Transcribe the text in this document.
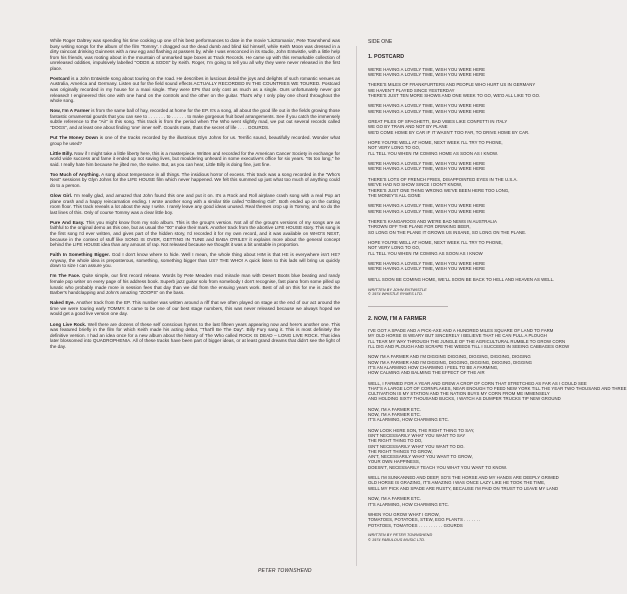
While Roger Daltrey was spending his time cooking up one of his best performances to date in the movie 'Lisztomania', Pete Townshend was busy writing songs for the album of the film 'Tommy'. I dragged out the dead dumb and blind kid himself, while Keith Moon was dressed in a dirty raincoat drinking Guinness with a raw egg and flashing at passers by, while I was ensconced in its studio, John Entwistle, with a little help from his friends, was rooting about in the mountain of unmarked tape boxes at Track Records. He came up with this remarkable collection of unreleased oddities, impulsively labelled "ODDS & SODS" by Keith. Roger, I'm going to tell you all why they were never released in the first place.

Postcard is a John Entwistle song about touring on the road. He describes in luscious detail the joys and delights of such romantic venues as Australia, America and Germany. Listen out for the field sound effects ACTUALLY RECORDED IN THE COUNTRIES WE TOURED. Postcard was originally recorded in my house for a maxi single. They were EPs that only cost as much as a single. Ours unfortunately never got released! I engineered this one with one hand on the controls and the other on the guitar. That's why I only play one chord throughout the whole song.

Now, I'm A Farmer is from the same ball of hay, recorded at home for the EP. It's a song, all about the good life out in the fields growing those fantastic ornamental gourds that you can see to . . . . . . . to . . . . . . to make gorgeous fruit bowl arrangements. See if you catch the immensely subtle reference to the "Air" in this song. This track is from the period when The Who went slightly mad, we put out several records called "DOGS", and at least one about finding 'one' inner self'. Gourds mate, thats the secret of life . . . . GOURDS.

Put The Money Down is one of the tracks recorded by the illustrious Glyn Johns for us. Terrific sound, beautifully recorded. Wonder what group he used?

Little Billy. Now if I might take a little liberty here, this is a masterpiece. Written and recorded for the American Cancer Society in exchange for world wide success and fame it ended up not saving lives, but mouldering unheard in some executive's office for six years. "Its too long," he said. I really hate him because he jilted me, the swine. But, as you can hear, Little Billy is doing fine, just fine.

Too Much of Anything. A song about temperance in all things. The insidious horror of excess. This track was a song recorded in the "Who's Next" sessions by Glyn Johns for the LIFE HOUSE film which never happened. We felt this summed up just what too much of anything could do to a person.

Glow Girl. I'm really glad, and amazed that John found this one and put it on. It's a Rock and Roll airplane crash song with a real Pop art plane crash and a happy reincarnation ending. I wrote another song with a similar title called "Glittering Girl". Both ended up on the cutting room floor. This track reveals a lot about the way I write. I rarely leave any good ideas unused. Real themes crop up in Tommy, and so do the last lines of this. Only of course Tommy was a clear little boy.

Pure And Easy. This you might know from my solo album. This is the group's version. Not all of the group's versions of my songs are as faithful to the original demo as this one, but as usual the "00" make their mark. Another track from the abortive LIFE HOUSE story. This song is the first song I'd ever written, and gives part of the hidden story, I'd recorded it for my own record, and it was available on WHO'S NEXT, because in the context of stuff like SONG IS OVER, GETTING IN TUNE and BABA O'RILEY it explains more about the general concept behind the LIFE HOUSE idea than any amount of rap. Not released because we thought it was a bit unstable in proportion.

Faith In Something Bigger. God I don't know where to hide. Well I mean, the whole thing about HIM is that HE is everywhere isn't HE? Anyway, the whole idea is preposterous, something, something bigger than US? THE WHO! A quick listen to this lads will bring us quickly down to size I can assure you.

I'm The Face. Quite simple, our first record release. Words by Pete Meaden mod miracle man with Desert Boots blue beating and randy female pop writer on every page of his address book. Superb jazz guitar solo from somebody I don't recognise, fast piano from some pilled up lunatic who probably made more in session fees that day than we did from the ensuing years work. Best of all on this for me is Jack the Barber's handclapping and John's amazing "ZOOPS" on the bass.

Naked Eye. Another track from the EP. This number was written around a riff that we often played on stage at the end of our act around the time we were touring early TOMMY. It came to be one of our best stage numbers, this was never released because we always hoped we would get a good live version one day.

Long Live Rock. Well there are dozens of these self conscious hymns to the last fifteen years appearing now and here's another one. This was featured briefly in the film for which Keith made his acting debut, "That'll Be The Day". Billy Fury sang it. This is most definitely the definitive version. I had an idea once for a new album about the history of The Who called ROCK IS DEAD – LONG LIVE ROCK. That idea later blossomed into QUADROPHENIA. All of these tracks have been part of bigger ideas, or at least grand dreams that didn't see the light of the day.

PETER TOWNSHEND
SIDE ONE
1. POSTCARD
WE'RE HAVING A LOVELY TIME, WISH YOU WERE HERE
WE'RE HAVING A LOVELY TIME, WISH YOU WERE HERE
THERE'S MILES OF FRANKFURTERS AND PEOPLE WHO HURT US IN GERMANY
WE HAVEN'T PLAYED SINCE YESTERDAY
THERE'S JUST TEN MORE SHOWS AND ONE WEEK TO GO, WE'D ALL LIKE TO GO.
WE'RE HAVING A LOVELY TIME, WISH YOU WERE HERE
WE'RE HAVING A LOVELY TIME, WISH YOU WERE HERE
GREAT PILES OF SPAGHETTI, BAD VIBES LIKE CONFETTI IN ITALY
WE GO BY TRAIN AND NOT BY PLANE
WE'D COME HOME BY CAR IF IT WASN'T TOO FAR, TO DRIVE HOME BY CAR.
HOPE YOU'RE WELL AT HOME, NEXT WEEK I'LL TRY TO PHONE,
NOT VERY LONG TO GO,
I'LL TELL YOU WHEN I'M COMING HOME AS SOON AS I KNOW.
WE'RE HAVING A LOVELY TIME, WISH YOU WERE HERE
WE'RE HAVING A LOVELY TIME, WISH YOU WERE HERE
THERE'S LOTS OF FRENCH FRIES, DISAPPOINTED EYES IN THE U.S.A.
WE'VE HAD NO SHOW SINCE I DON'T KNOW,
THERE'S JUST ONE THING WRONG WE'VE BEEN HERE TOO LONG,
THE MONEY'S ALL GONE
WE'RE HAVING A LOVELY TIME, WISH YOU WERE HERE
WE'RE HAVING A LOVELY TIME, WISH YOU WERE HERE
THERE'S KANGAROOS AND WE'RE BAD NEWS IN AUSTRALIA
THROWN OFF THE PLANE FOR DRINKING BEER,
SO LONG ON THE PLANE IT GROWS US INSANE, SO LONG ON THE PLANE.
HOPE YOU'RE WELL AT HOME, NEXT WEEK I'LL TRY TO PHONE,
NOT VERY LONG TO GO,
I'LL TELL YOU WHEN I'M COMING AS SOON AS I KNOW
WE'RE HAVING A LOVELY TIME, WISH YOU WERE HERE
WE'RE HAVING A LOVELY TIME, WISH YOU WERE HERE
WE'LL SOON BE COMING HOME, WE'LL SOON BE BACK TO HELL AND HEAVEN AS WELL.
WRITTEN BY JOHN ENTWISTLE
© 1974 WHISTLE RYMES LTD.
2. NOW, I'M A FARMER
I'VE GOT A SPADE AND A PICK-AXE AND A HUNDRED MILES SQUARE OF LAND TO FARM
MY OLD HORSE IS WEARY BUT SINCERELY I BELIEVE THAT HE CAN PULL A PLOUGH
I'LL TEAR MY WAY THROUGH THE JUNGLE OF THE AGRICULTURAL RUMBLE TO GROW CORN
I'LL DIG AND PLOUGH AND SCRAPE THE WEEDS TILL I SUCCEED IN SEEING CABBAGES GROW
NOW I'M A FARMER AND I'M DIGGING DIGGING, DIGGING, DIGGING, DIGGING
NOW I'M A FARMER AND I'M DIGGING, DIGGING, DIGGING, DIGGING, DIGGING
IT'S AN ALARMING HOW CHARMING I FEEL TO BE A FARMING,
HOW CALMING AND BALMING THE EFFECT OF THE AIR
WELL, I FARMED FOR A YEAR AND GREW A CROP OF CORN THAT STRETCHED AS FAR AS I COULD SEE
THAT'S A LARGE LOT OF CORNFLAKES, NEAR ENOUGH TO FEED NEW YORK TILL THE YEAR TWO THOUSAND AND THREE
CULTIVATION IS MY STATION AND THE NATION BUYS MY CORN FROM ME IMMENSELY
AND HOLDING SIXTY THOUSAND BUCKS, I WATCH AS DUMPER TRUCKS TIP NEW GROUND
NOW, I'M A FARMER ETC.
NOW, I'M A FARMER ETC.
IT'S ALARMING, HOW CHARMING ETC.
NOW LOOK HERE SON, THE RIGHT THING TO SAY,
ISN'T NECESSARILY WHAT YOU WANT TO SAY
THE RIGHT THING TO DO,
ISN'T NECESSARILY WHAT YOU WANT TO DO.
THE RIGHT THINGS TO GROW,
AIN'T, NECESSARILY WHAT YOU WANT TO GROW,
YOUR OWN HAPPINESS,
DOESN'T, NECESSARILY TEACH YOU WHAT YOU WANT TO KNOW.
WELL I'M SUNKANNED AND DEEP, SO'S THE HORSE AND MY HANDS ARE DEEPLY GRIMED
OLD HORSE IS GRAZING, IT'S AMAZING I WAS ONCE LAZY LIKE HE TOOK THE TIME,
WELL MY PICK AND SPADE ARE RUSTY, BECAUSE I'M PAID ON TRUST TO LEAVE MY LAND
NOW, I'M A FARMER ETC.
IT'S ALARMING, HOW CHARMING ETC.
WHEN YOU GROW WHAT I GROW,
TOMATOES, POTATOES, STEW, EGG PLANTS . . . . . . .
POTATOES, TOMATOES . . . . . . . . . . GOURDS
WRITTEN BY PETER TOWNSHEND
© 1974 FABULOUS MUSIC LTD.
